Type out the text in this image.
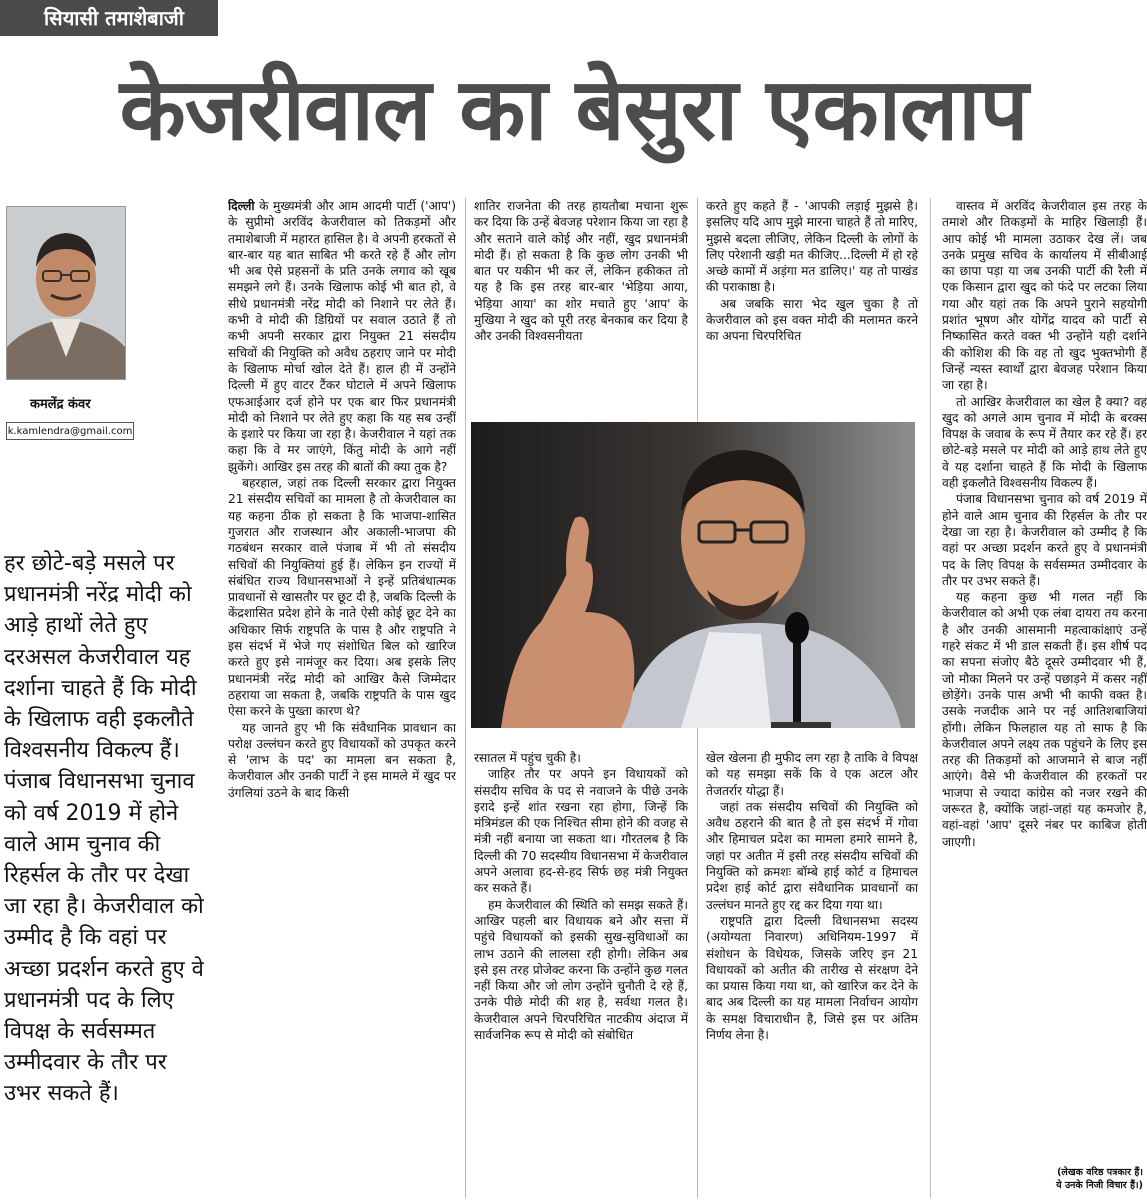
सियासी तमाशेबाजी
केजरीवाल का बेसुरा एकालाप
कमलेंद्र कंवर
k.kamlendra@gmail.com

हर छोटे-बड़े मसले पर प्रधानमंत्री नरेंद्र मोदी को आड़े हाथों लेते हुए दरअसल केजरीवाल यह दर्शाना चाहते हैं कि मोदी के खिलाफ वही इकलौते विश्वसनीय विकल्प हैं। पंजाब विधानसभा चुनाव को वर्ष 2019 में होने वाले आम चुनाव की रिहर्सल के तौर पर देखा जा रहा है। केजरीवाल को उम्मीद है कि वहां पर अच्छा प्रदर्शन करते हुए वे प्रधानमंत्री पद के लिए विपक्ष के सर्वसम्मत उम्मीदवार के तौर पर उभर सकते हैं।

दिल्ली के मुख्यमंत्री और आम आदमी पार्टी ('आप') के सुप्रीमो अरविंद केजरीवाल को तिकड़मों और तमाशेबाजी में महारत हासिल है। वे अपनी हरकतों से बार-बार यह बात साबित भी करते रहे हैं और लोग भी अब ऐसे प्रहसनों के प्रति उनके लगाव को खूब समझने लगे हैं। उनके खिलाफ कोई भी बात हो, वे सीधे प्रधानमंत्री नरेंद्र मोदी को निशाने पर लेते हैं। कभी वे मोदी की डिग्रियों पर सवाल उठाते हैं तो कभी अपनी सरकार द्वारा नियुक्त 21 संसदीय सचिवों की नियुक्ति को अवैध ठहराए जाने पर मोदी के खिलाफ मोर्चा खोल देते हैं। हाल ही में उन्होंने दिल्ली में हुए वाटर टैंकर घोटाले में अपने खिलाफ एफआईआर दर्ज होने पर एक बार फिर प्रधानमंत्री मोदी को निशाने पर लेते हुए कहा कि यह सब उन्हीं के इशारे पर किया जा रहा है। केजरीवाल ने यहां तक कहा कि वे मर जाएंगे, किंतु मोदी के आगे नहीं झुकेंगे। आखिर इस तरह की बातों की क्या तुक है?

बहरहाल, जहां तक दिल्ली सरकार द्वारा नियुक्त 21 संसदीय सचिवों का मामला है तो केजरीवाल का यह कहना ठीक हो सकता है कि भाजपा-शासित गुजरात और राजस्थान और अकाली-भाजपा की गठबंधन सरकार वाले पंजाब में भी तो संसदीय सचिवों की नियुक्तियां हुई हैं। लेकिन इन राज्यों में संबंधित राज्य विधानसभाओं ने इन्हें प्रतिबंधात्मक प्रावधानों से खासतौर पर छूट दी है, जबकि दिल्ली के केंद्रशासित प्रदेश होने के नाते ऐसी कोई छूट देने का अधिकार सिर्फ राष्ट्रपति के पास है और राष्ट्रपति ने इस संदर्भ में भेजे गए संशोधित बिल को खारिज करते हुए इसे नामंजूर कर दिया। अब इसके लिए प्रधानमंत्री नरेंद्र मोदी को आखिर कैसे जिम्मेदार ठहराया जा सकता है, जबकि राष्ट्रपति के पास खुद ऐसा करने के पुख्ता कारण थे?

यह जानते हुए भी कि संवैधानिक प्रावधान का परोक्ष उल्लंघन करते हुए विधायकों को उपकृत करने से 'लाभ के पद' का मामला बन सकता है, केजरीवाल और उनकी पार्टी ने इस मामले में खुद पर उंगलियां उठने के बाद किसी

शातिर राजनेता की तरह हायतौबा मचाना शुरू कर दिया कि उन्हें बेवजह परेशान किया जा रहा है और सताने वाले कोई और नहीं, खुद प्रधानमंत्री मोदी हैं। हो सकता है कि कुछ लोग उनकी भी बात पर यकीन भी कर लें, लेकिन हकीकत तो यह है कि इस तरह बार-बार 'भेड़िया आया, भेड़िया आया' का शोर मचाते हुए 'आप' के मुखिया ने खुद को पूरी तरह बेनकाब कर दिया है और उनकी विश्वसनीयता

करते हुए कहते हैं - 'आपकी लड़ाई मुझसे है। इसलिए यदि आप मुझे मारना चाहते हैं तो मारिए, मुझसे बदला लीजिए, लेकिन दिल्ली के लोगों के लिए परेशानी खड़ी मत कीजिए...दिल्ली में हो रहे अच्छे कामों में अड़ंगा मत डालिए।' यह तो पाखंड की पराकाष्ठा है।

अब जबकि सारा भेद खुल चुका है तो केजरीवाल को इस वक्त मोदी की मलामत करने का अपना चिरपरिचित

रसातल में पहुंच चुकी है।

जाहिर तौर पर अपने इन विधायकों को संसदीय सचिव के पद से नवाजने के पीछे उनके इरादे इन्हें शांत रखना रहा होगा, जिन्हें कि मंत्रिमंडल की एक निश्चित सीमा होने की वजह से मंत्री नहीं बनाया जा सकता था। गौरतलब है कि दिल्ली की 70 सदस्यीय विधानसभा में केजरीवाल अपने अलावा हद-से-हद सिर्फ छह मंत्री नियुक्त कर सकते हैं।

हम केजरीवाल की स्थिति को समझ सकते हैं। आखिर पहली बार विधायक बने और सत्ता में पहुंचे विधायकों को इसकी सुख-सुविधाओं का लाभ उठाने की लालसा रही होगी। लेकिन अब इसे इस तरह प्रोजेक्ट करना कि उन्होंने कुछ गलत नहीं किया और जो लोग उन्होंने चुनौती दे रहे हैं, उनके पीछे मोदी की शह है, सर्वथा गलत है। केजरीवाल अपने चिरपरिचित नाटकीय अंदाज में सार्वजनिक रूप से मोदी को संबोधित

खेल खेलना ही मुफीद लग रहा है ताकि वे विपक्ष को यह समझा सकें कि वे एक अटल और तेजतर्रार योद्धा हैं।

जहां तक संसदीय सचिवों की नियुक्ति को अवैध ठहराने की बात है तो इस संदर्भ में गोवा और हिमाचल प्रदेश का मामला हमारे सामने है, जहां पर अतीत में इसी तरह संसदीय सचिवों की नियुक्ति को क्रमशः बॉम्बे हाई कोर्ट व हिमाचल प्रदेश हाई कोर्ट द्वारा संवैधानिक प्रावधानों का उल्लंघन मानते हुए रद्द कर दिया गया था।

राष्ट्रपति द्वारा दिल्ली विधानसभा सदस्य (अयोग्यता निवारण) अधिनियम-1997 में संशोधन के विधेयक, जिसके जरिए इन 21 विधायकों को अतीत की तारीख से संरक्षण देने का प्रयास किया गया था, को खारिज कर देने के बाद अब दिल्ली का यह मामला निर्वाचन आयोग के समक्ष विचाराधीन है, जिसे इस पर अंतिम निर्णय लेना है।

वास्तव में अरविंद केजरीवाल इस तरह के तमाशे और तिकड़मों के माहिर खिलाड़ी हैं। आप कोई भी मामला उठाकर देख लें। जब उनके प्रमुख सचिव के कार्यालय में सीबीआई का छापा पड़ा या जब उनकी पार्टी की रैली में एक किसान द्वारा खुद को फंदे पर लटका लिया गया और यहां तक कि अपने पुराने सहयोगी प्रशांत भूषण और योगेंद्र यादव को पार्टी से निष्कासित करते वक्त भी उन्होंने यही दर्शाने की कोशिश की कि वह तो खुद भुक्तभोगी हैं जिन्हें न्यस्त स्वार्थों द्वारा बेवजह परेशान किया जा रहा है।

तो आखिर केजरीवाल का खेल है क्या? वह खुद को अगले आम चुनाव में मोदी के बरक्स विपक्ष के जवाब के रूप में तैयार कर रहे हैं। हर छोटे-बड़े मसले पर मोदी को आड़े हाथ लेते हुए वे यह दर्शाना चाहते हैं कि मोदी के खिलाफ वही इकलौते विश्वसनीय विकल्प हैं।

पंजाब विधानसभा चुनाव को वर्ष 2019 में होने वाले आम चुनाव की रिहर्सल के तौर पर देखा जा रहा है। केजरीवाल को उम्मीद है कि वहां पर अच्छा प्रदर्शन करते हुए वे प्रधानमंत्री पद के लिए विपक्ष के सर्वसम्मत उम्मीदवार के तौर पर उभर सकते हैं।

यह कहना कुछ भी गलत नहीं कि केजरीवाल को अभी एक लंबा दायरा तय करना है और उनकी आसमानी महत्वाकांक्षाएं उन्हें गहरे संकट में भी डाल सकती हैं। इस शीर्ष पद का सपना संजोए बैठे दूसरे उम्मीदवार भी हैं, जो मौका मिलने पर उन्हें पछाड़ने में कसर नहीं छोड़ेंगे। उनके पास अभी भी काफी वक्त है। उसके नजदीक आने पर नई आतिशबाजियां होंगी। लेकिन फिलहाल यह तो साफ है कि केजरीवाल अपने लक्ष्य तक पहुंचने के लिए इस तरह की तिकड़मों को आजमाने से बाज नहीं आएंगे। वैसे भी केजरीवाल की हरकतों पर भाजपा से ज्यादा कांग्रेस को नजर रखने की जरूरत है, क्योंकि जहां-जहां यह कमजोर है, वहां-वहां 'आप' दूसरे नंबर पर काबिज होती जाएगी।

(लेखक वरिष्ठ पत्रकार हैं।
ये उनके निजी विचार हैं।)
